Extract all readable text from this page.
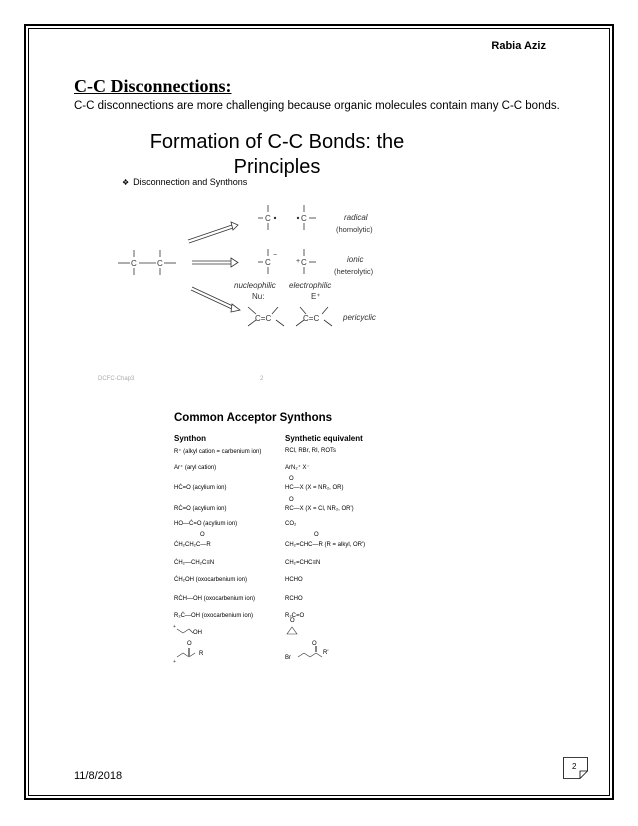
Rabia Aziz
C-C Disconnections:
C-C disconnections are more challenging because organic molecules contain many C-C bonds.
Formation of C-C Bonds: the
Principles
❖ Disconnection and Synthons
C	C
C	C
C	C
C=C	C=C
−
+
radical
(homolytic)
ionic
(heterolytic)
nucleophilic electrophilic
Nu:	E⁺
pericyclic
DCFC-Chap3	2
Common Acceptor Synthons
Synthon	Synthetic equivalent
R⁺ (alkyl cation = carbenium ion)	RCl, RBr, RI, ROTs
Ar⁺ (aryl cation)	ArN₂⁺ X⁻
O
HĊ=O (acylium ion)	HC—X (X = NR₂, OR)
O
RĊ=O (acylium ion)	RC—X (X = Cl, NR₂, OR')
HO—Ċ=O (acylium ion)	CO₂
O	O
ĊH₂CH₂C—R	CH₂=CHC—R (R = alkyl, OR')
ĊH₂—CH₂C≡N	CH₂=CHC≡N
ĊH₂OH (oxocarbenium ion)	HCHO
RĊH—OH (oxocarbenium ion)	RCHO
R₂Ċ—OH (oxocarbenium ion)	R₂C=O
+
OH
O
O	O
+
R
Br
R'
11/8/2018
2
